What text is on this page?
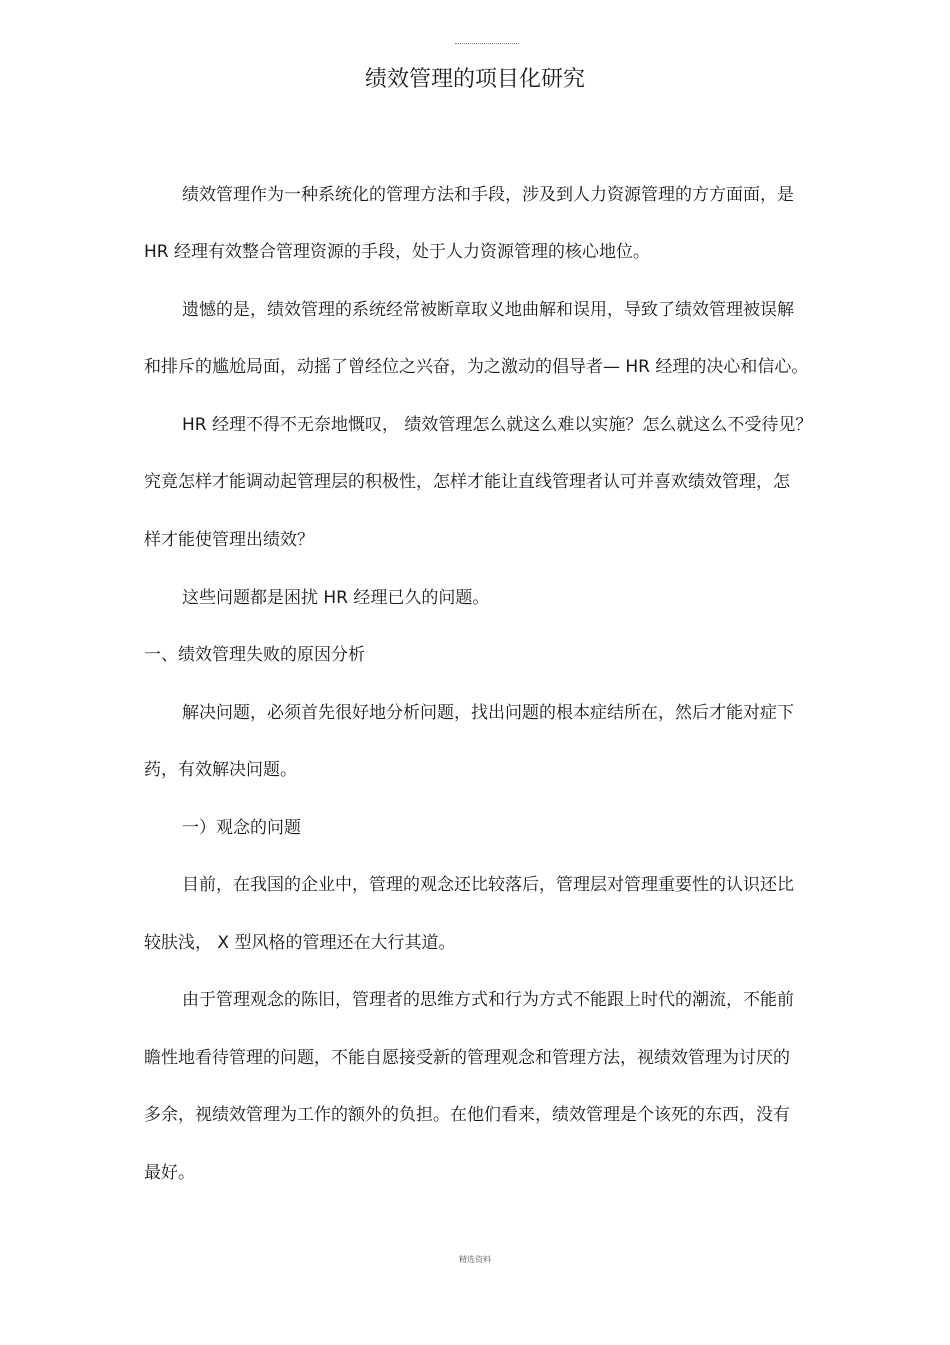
绩效管理的项目化研究
绩效管理作为一种系统化的管理方法和手段，涉及到人力资源管理的方方面面，是
HR 经理有效整合管理资源的手段，处于人力资源管理的核心地位。
遗憾的是，绩效管理的系统经常被断章取义地曲解和误用，导致了绩效管理被误解
和排斥的尴尬局面，动摇了曾经位之兴奋，为之激动的倡导者— HR 经理的决心和信心。
HR 经理不得不无奈地慨叹， 绩效管理怎么就这么难以实施？怎么就这么不受待见？
究竟怎样才能调动起管理层的积极性，怎样才能让直线管理者认可并喜欢绩效管理，怎
样才能使管理出绩效？
这些问题都是困扰 HR 经理已久的问题。
一、绩效管理失败的原因分析
解决问题，必须首先很好地分析问题，找出问题的根本症结所在，然后才能对症下
药，有效解决问题。
一）观念的问题
目前，在我国的企业中，管理的观念还比较落后，管理层对管理重要性的认识还比
较肤浅， X 型风格的管理还在大行其道。
由于管理观念的陈旧，管理者的思维方式和行为方式不能跟上时代的潮流，不能前
瞻性地看待管理的问题，不能自愿接受新的管理观念和管理方法，视绩效管理为讨厌的
多余，视绩效管理为工作的额外的负担。在他们看来，绩效管理是个该死的东西，没有
最好。
精选资料
